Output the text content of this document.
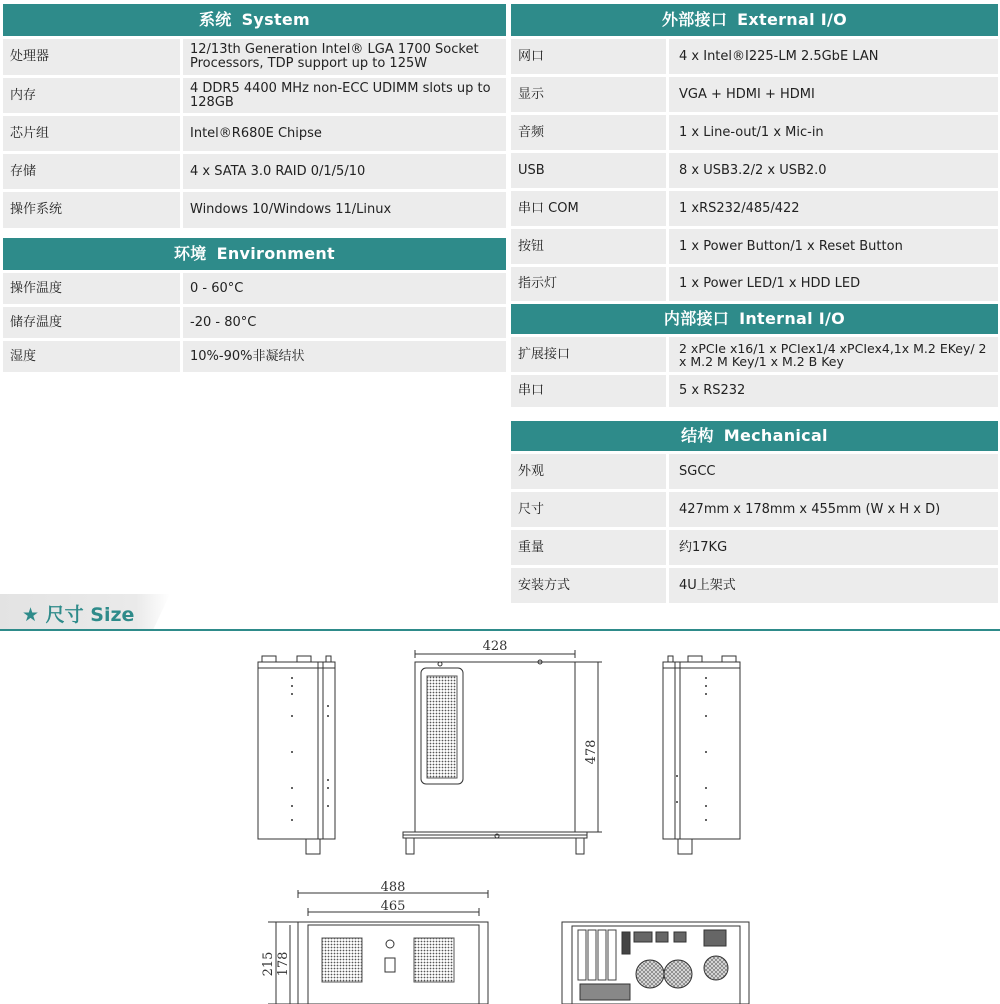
系统 System
处理器	12/13th Generation Intel® LGA 1700 Socket Processors, TDP support up to 125W
内存	4 DDR5 4400 MHz non-ECC UDIMM slots up to 128GB
芯片组	Intel®R680E Chipse
存储	4 x SATA 3.0 RAID 0/1/5/10
操作系统	Windows 10/Windows 11/Linux
环境 Environment
操作温度	0 - 60°C
储存温度	-20 - 80°C
湿度	10%-90%非凝结状
外部接口 External I/O
网口	4 x Intel®I225-LM 2.5GbE LAN
显示	VGA + HDMI + HDMI
音频	1 x Line-out/1 x Mic-in
USB	8 x USB3.2/2 x USB2.0
串口 COM	1 xRS232/485/422
按钮	1 x Power Button/1 x Reset Button
指示灯	1 x Power LED/1 x HDD LED
内部接口 Internal I/O
扩展接口	2 xPCIe x16/1 x PCIex1/4 xPCIex4,1x M.2 EKey/ 2 x M.2 M Key/1 x M.2 B Key
串口	5 x RS232
结构 Mechanical
外观	SGCC
尺寸	427mm x 178mm x 455mm (W x H x D)
重量	约17KG
安装方式	4U上架式
★ 尺寸 Size
428
478
488
465
215 178
